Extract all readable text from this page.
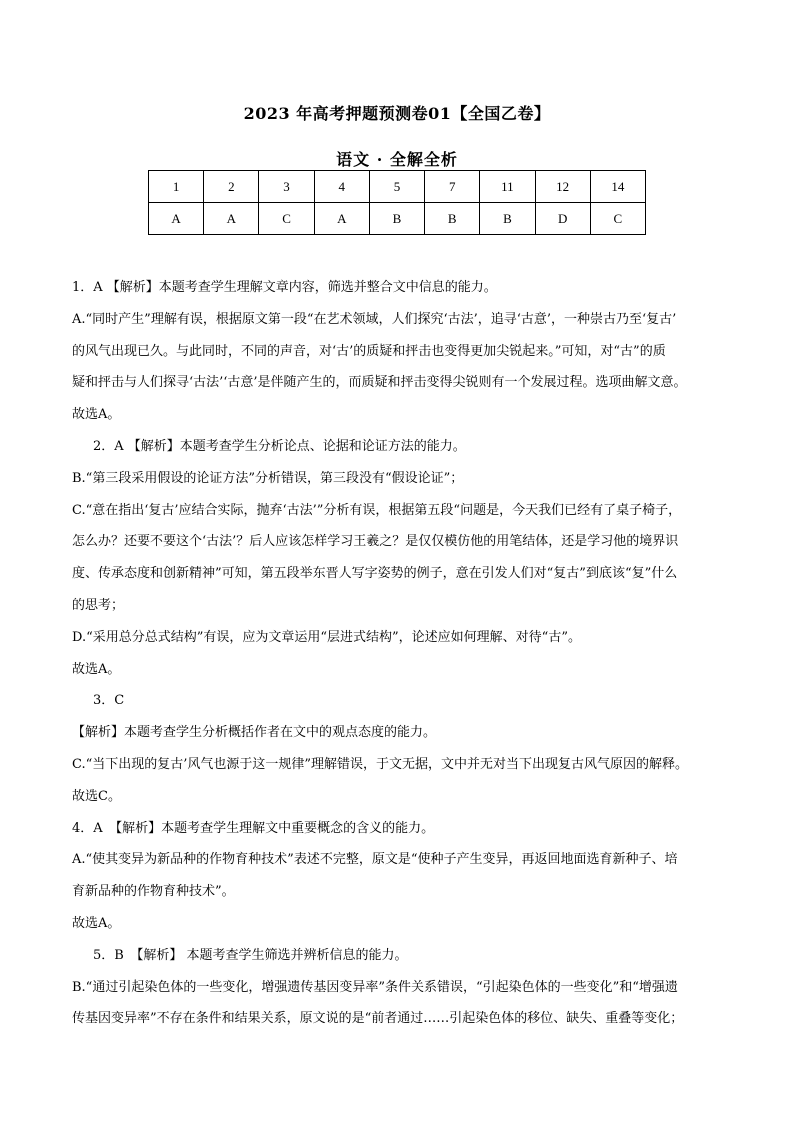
2023 年高考押题预测卷01【全国乙卷】
语文 · 全解全析
1	2	3	4	5	7	11	12	14
A	A	C	A	B	B	B	D	C

1．A 【解析】本题考查学生理解文章内容，筛选并整合文中信息的能力。

A.“同时产生”理解有误，根据原文第一段“在艺术领域，人们探究‘古法’，追寻‘古意’，一种崇古乃至‘复古’

的风气出现已久。与此同时，不同的声音，对‘古’的质疑和抨击也变得更加尖锐起来。”可知，对“古”的质

疑和抨击与人们探寻‘古法’‘古意’是伴随产生的，而质疑和抨击变得尖锐则有一个发展过程。选项曲解文意。

故选A。

2．A 【解析】本题考查学生分析论点、论据和论证方法的能力。

B.“第三段采用假设的论证方法”分析错误，第三段没有“假设论证”；

C.“意在指出‘复古’应结合实际，抛弃‘古法’”分析有误，根据第五段“问题是，今天我们已经有了桌子椅子，

怎么办？还要不要这个‘古法’？后人应该怎样学习王羲之？是仅仅模仿他的用笔结体，还是学习他的境界识

度、传承态度和创新精神”可知，第五段举东晋人写字姿势的例子，意在引发人们对“复古”到底该“复”什么

的思考；

D.“采用总分总式结构”有误，应为文章运用“层进式结构”，论述应如何理解、对待“古”。

故选A。

3．C

【解析】本题考查学生分析概括作者在文中的观点态度的能力。

C.“当下出现的复古’风气也源于这一规律”理解错误，于文无据，文中并无对当下出现复古风气原因的解释。

故选C。

4．A　【解析】本题考查学生理解文中重要概念的含义的能力。

A.“使其变异为新品种的作物育种技术”表述不完整，原文是“使种子产生变异，再返回地面选育新种子、培

育新品种的作物育种技术”。

故选A。

5．B　【解析】 本题考查学生筛选并辨析信息的能力。

B.“通过引起染色体的一些变化，增强遗传基因变异率”条件关系错误，“引起染色体的一些变化”和“增强遗

传基因变异率”不存在条件和结果关系，原文说的是“前者通过……引起染色体的移位、缺失、重叠等变化；
